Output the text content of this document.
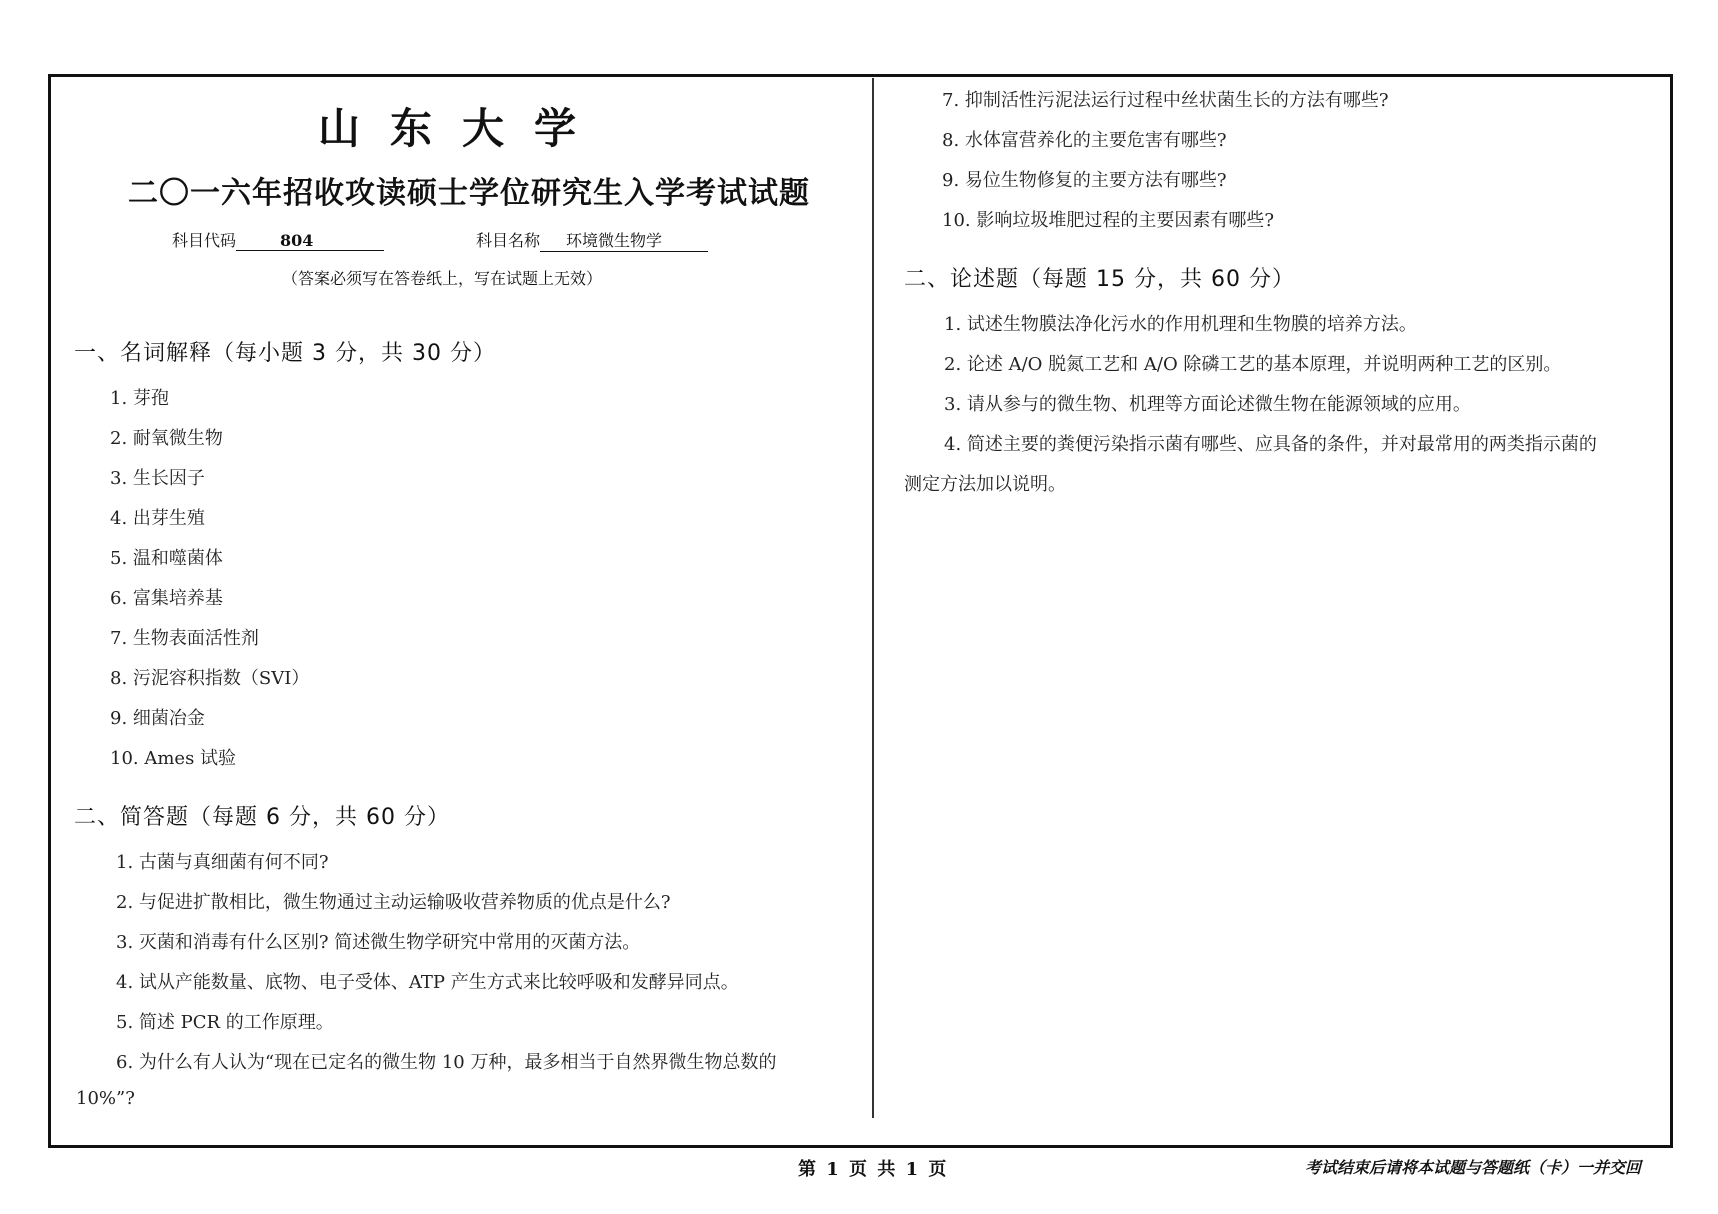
山东大学
二〇一六年招收攻读硕士学位研究生入学考试试题
科目代码	804	科目名称 环境微生物学
（答案必须写在答卷纸上，写在试题上无效）
一、名词解释（每小题 3 分，共 30 分）
1. 芽孢
2. 耐氧微生物
3. 生长因子
4. 出芽生殖
5. 温和噬菌体
6. 富集培养基
7. 生物表面活性剂
8. 污泥容积指数（SVI）
9. 细菌冶金
10. Ames 试验
二、简答题（每题 6 分，共 60 分）
1. 古菌与真细菌有何不同?
2. 与促进扩散相比，微生物通过主动运输吸收营养物质的优点是什么?
3. 灭菌和消毒有什么区别? 简述微生物学研究中常用的灭菌方法。
4. 试从产能数量、底物、电子受体、ATP 产生方式来比较呼吸和发酵异同点。
5. 简述 PCR 的工作原理。
6. 为什么有人认为“现在已定名的微生物 10 万种，最多相当于自然界微生物总数的
10%”?
7. 抑制活性污泥法运行过程中丝状菌生长的方法有哪些?
8. 水体富营养化的主要危害有哪些?
9. 易位生物修复的主要方法有哪些?
10. 影响垃圾堆肥过程的主要因素有哪些?
二、论述题（每题 15 分，共 60 分）
1. 试述生物膜法净化污水的作用机理和生物膜的培养方法。
2. 论述 A/O 脱氮工艺和 A/O 除磷工艺的基本原理，并说明两种工艺的区别。
3. 请从参与的微生物、机理等方面论述微生物在能源领域的应用。
4. 简述主要的粪便污染指示菌有哪些、应具备的条件，并对最常用的两类指示菌的
测定方法加以说明。
第 1 页 共 1 页	考试结束后请将本试题与答题纸（卡）一并交回
